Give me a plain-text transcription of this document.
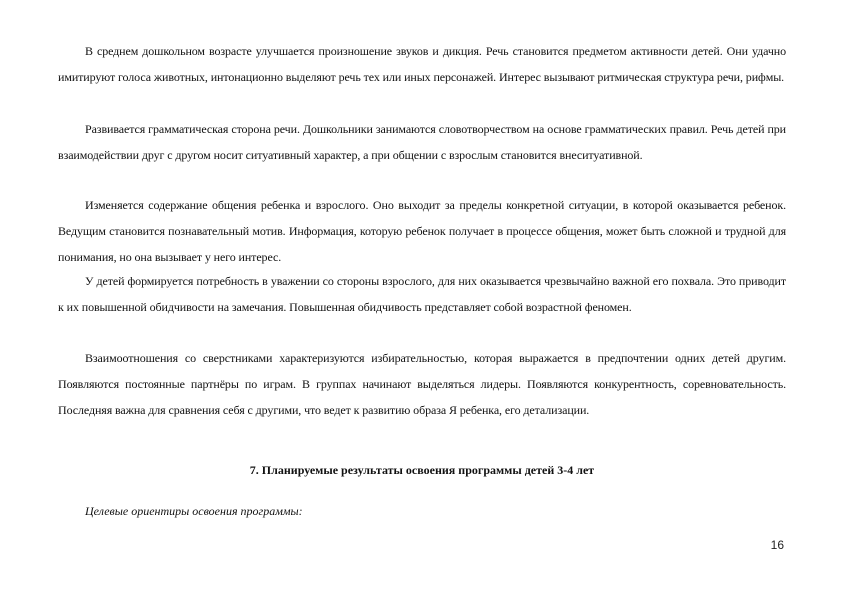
В среднем дошкольном возрасте улучшается произношение звуков и дикция. Речь становится предметом активности детей. Они удачно имитируют голоса животных, интонационно выделяют речь тех или иных персонажей. Интерес вызывают ритмическая структура речи, рифмы.

Развивается грамматическая сторона речи. Дошкольники занимаются словотворчеством на основе грамматических правил. Речь детей при взаимодействии друг с другом носит ситуативный характер, а при общении с взрослым становится внеситуативной.

Изменяется содержание общения ребенка и взрослого. Оно выходит за пределы конкретной ситуации, в которой оказывается ребенок. Ведущим становится познавательный мотив. Информация, которую ребенок получает в процессе общения, может быть сложной и трудной для понимания, но она вызывает у него интерес.

У детей формируется потребность в уважении со стороны взрослого, для них оказывается чрезвычайно важной его похвала. Это приводит к их повышенной обидчивости на замечания. Повышенная обидчивость представляет собой возрастной феномен.

Взаимоотношения со сверстниками характеризуются избирательностью, которая выражается в предпочтении одних детей другим. Появляются постоянные партнёры по играм. В группах начинают выделяться лидеры. Появляются конкурентность, соревновательность. Последняя важна для сравнения себя с другими, что ведет к развитию образа Я ребенка, его детализации.

7. Планируемые результаты освоения программы детей 3-4 лет

Целевые ориентиры освоения программы:

16
